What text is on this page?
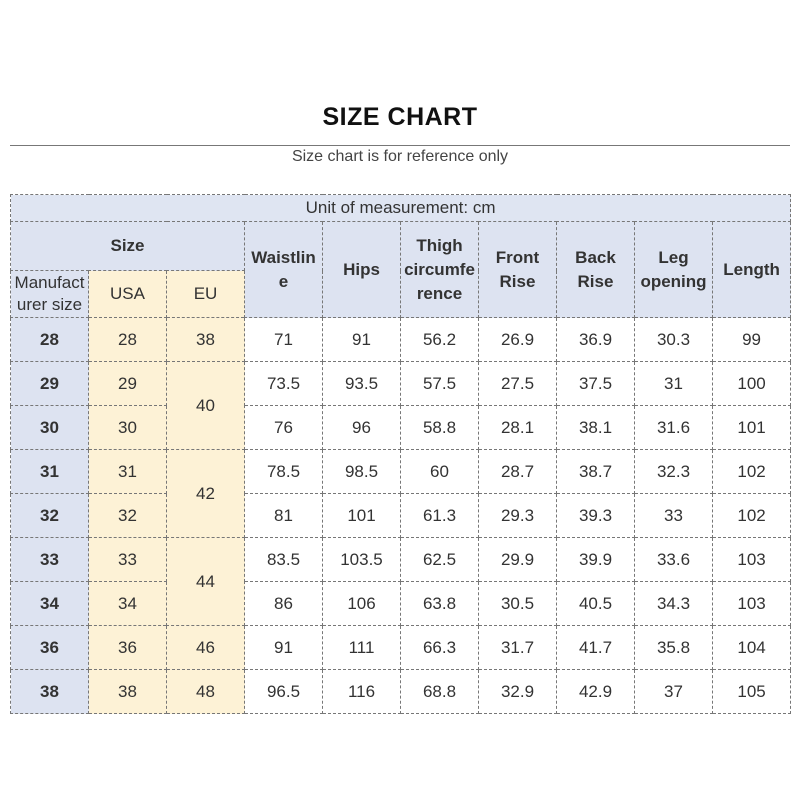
SIZE CHART
Size chart is for reference only
Unit of measurement: cm									
Size			Waistlin e	Hips	Thigh circumfe rence	Front Rise	Back Rise	Leg opening	Length
Manufact urer size	USA	EU							
28	28	38	71	91	56.2	26.9	36.9	30.3	99
29	29	40	73.5	93.5	57.5	27.5	37.5	31	100
30	30		76	96	58.8	28.1	38.1	31.6	101
31	31	42	78.5	98.5	60	28.7	38.7	32.3	102
32	32		81	101	61.3	29.3	39.3	33	102
33	33	44	83.5	103.5	62.5	29.9	39.9	33.6	103
34	34		86	106	63.8	30.5	40.5	34.3	103
36	36	46	91	111	66.3	31.7	41.7	35.8	104
38	38	48	96.5	116	68.8	32.9	42.9	37	105
